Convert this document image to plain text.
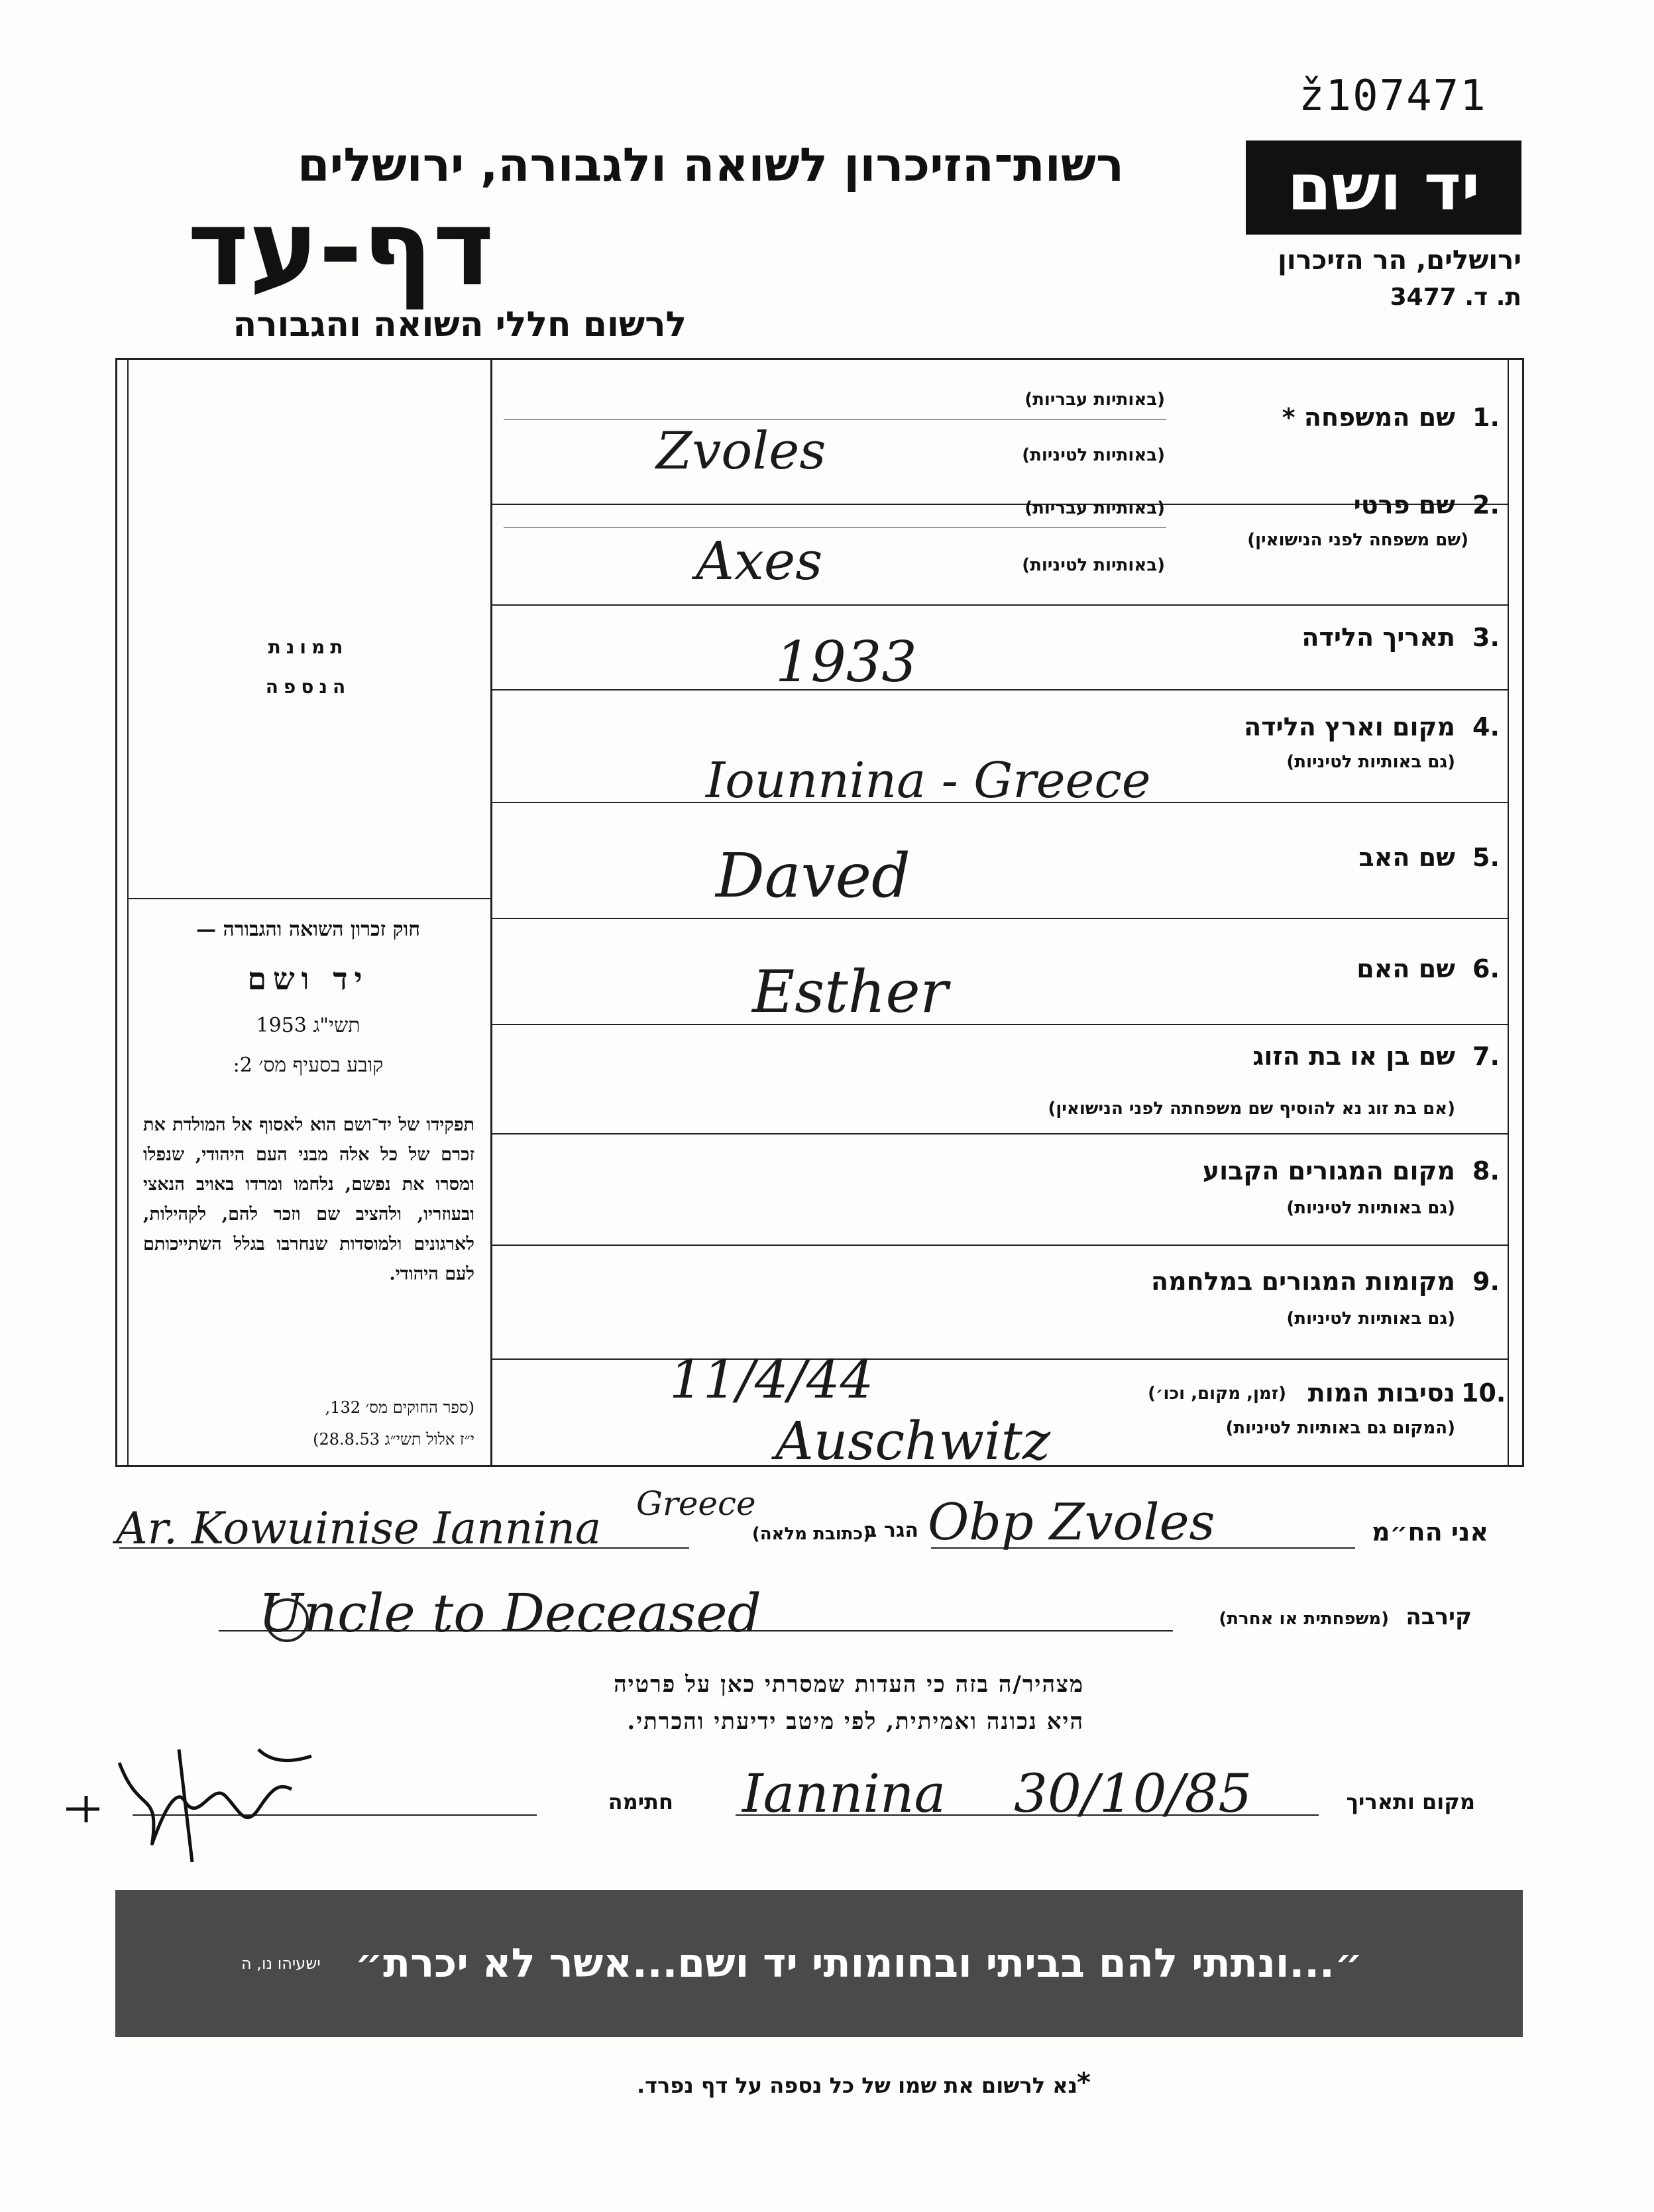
ž107471
יד ושם
ירושלים, הר הזיכרון
ת. ד. 3477
רשות־הזיכרון לשואה ולגבורה, ירושלים
דף-עד
לרשום חללי השואה והגבורה
תמונת
הנספה
חוק זכרון השואה והגבורה —
יד ושם
תשי"ג 1953
קובע בסעיף מס׳ 2:
תפקידו של יד־ושם הוא לאסוף אל המולדת את זכרם של כל אלה מבני העם היהודי, שנפלו ומסרו את נפשם, נלחמו ומרדו באויב הנאצי ובעוזריו, ולהציב שם וזכר להם, לקהילות, לארגונים ולמוסדות שנחרבו בגלל השתייכותם לעם היהודי.
(ספר החוקים מס׳ 132,
י״ז אלול תשי״ג 28.8.53)
1.
שם המשפחה *
(באותיות עבריות)
(באותיות לטיניות)
Zvoles
2.
שם פרטי
(שם משפחה לפני הנישואין)
(באותיות עבריות)
(באותיות לטיניות)
Axes
3.
תאריך הלידה
1933
4.
מקום וארץ הלידה
(גם באותיות לטיניות)
Iounnina - Greece
5.
שם האב
Daved
6.
שם האם
Esther
7.
שם בן או בת הזוג
(אם בת זוג נא להוסיף שם משפחתה לפני הנישואין)
8.
מקום המגורים הקבוע
(גם באותיות לטיניות)
9.
מקומות המגורים במלחמה
(גם באותיות לטיניות)
10.
נסיבות המות
(זמן, מקום, וכו׳)
(המקום גם באותיות לטיניות)
11/4/44
Auschwitz
אני הח״מ
Obp Zvoles
הגר ב
(כתובת מלאה)
Ar. Kowuinise Iannina Greece
קירבה
(משפחתית או אחרת)
Uncle to Deceased
מצהיר/ה בזה כי העדות שמסרתי כאן על פרטיה
היא נכונה ואמיתית, לפי מיטב ידיעתי והכרתי.
מקום ותאריך
Iannina 30/10/85
חתימה
״...ונתתי להם בביתי ובחומותי יד ושם...אשר לא יכרת״
ישעיהו נו, ה
נא לרשום את שמו של כל נספה על דף נפרד. *
